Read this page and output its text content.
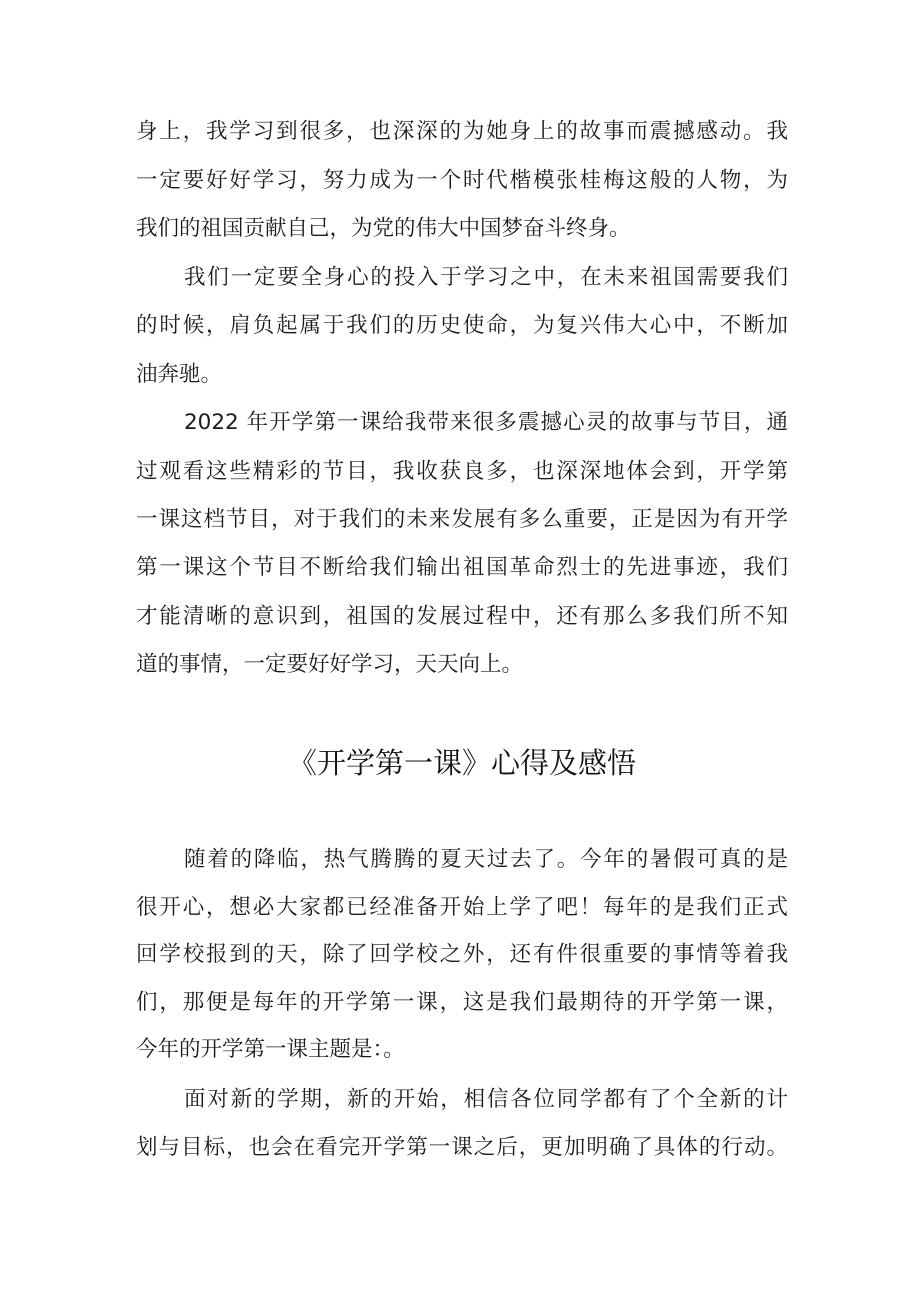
身上，我学习到很多，也深深的为她身上的故事而震撼感动。我
一定要好好学习，努力成为一个时代楷模张桂梅这般的人物，为
我们的祖国贡献自己，为党的伟大中国梦奋斗终身。
我们一定要全身心的投入于学习之中，在未来祖国需要我们
的时候，肩负起属于我们的历史使命，为复兴伟大心中，不断加
油奔驰。
2022 年开学第一课给我带来很多震撼心灵的故事与节目，通
过观看这些精彩的节目，我收获良多，也深深地体会到，开学第
一课这档节目，对于我们的未来发展有多么重要，正是因为有开学
第一课这个节目不断给我们输出祖国革命烈士的先进事迹，我们
才能清晰的意识到，祖国的发展过程中，还有那么多我们所不知
道的事情，一定要好好学习，天天向上。
《开学第一课》心得及感悟
随着的降临，热气腾腾的夏天过去了。今年的暑假可真的是
很开心，想必大家都已经准备开始上学了吧！每年的是我们正式
回学校报到的天，除了回学校之外，还有件很重要的事情等着我
们，那便是每年的开学第一课，这是我们最期待的开学第一课，
今年的开学第一课主题是：。
面对新的学期，新的开始，相信各位同学都有了个全新的计
划与目标，也会在看完开学第一课之后，更加明确了具体的行动。
